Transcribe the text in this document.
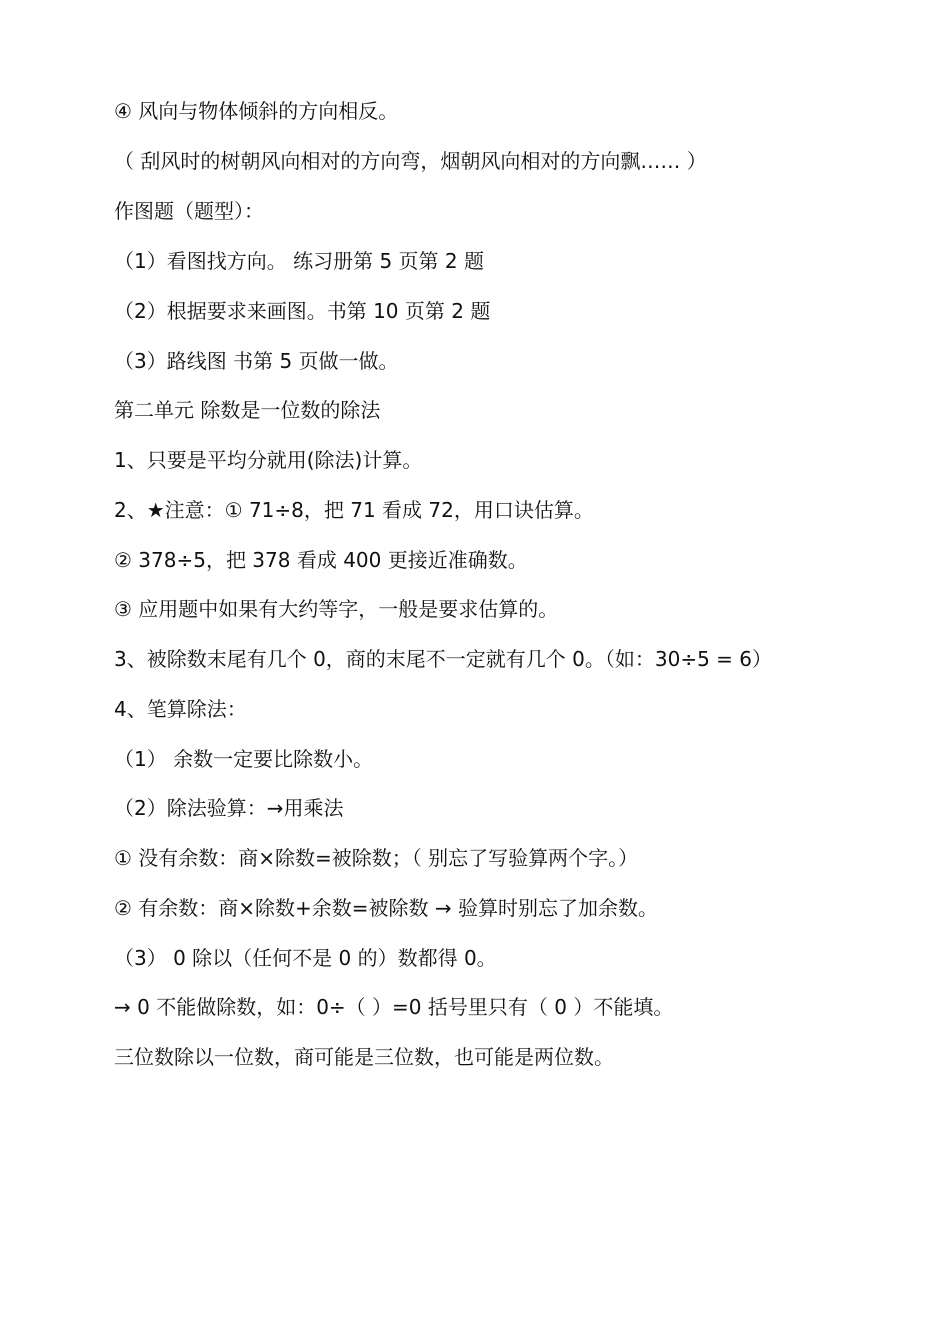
④ 风向与物体倾斜的方向相反。
（ 刮风时的树朝风向相对的方向弯，烟朝风向相对的方向飘…… ）
作图题（题型）：
（1）看图找方向。 练习册第 5 页第 2 题
（2）根据要求来画图。书第 10 页第 2 题
（3）路线图 书第 5 页做一做。
第二单元 除数是一位数的除法
1、只要是平均分就用(除法)计算。
2、★注意：① 71÷8，把 71 看成 72，用口诀估算。
② 378÷5，把 378 看成 400 更接近准确数。
③ 应用题中如果有大约等字，一般是要求估算的。
3、被除数末尾有几个 0，商的末尾不一定就有几个 0。（如：30÷5 = 6）
4、笔算除法：
（1） 余数一定要比除数小。
（2）除法验算：→用乘法
① 没有余数：商×除数=被除数；（ 别忘了写验算两个字。）
② 有余数：商×除数+余数=被除数 → 验算时别忘了加余数。
（3） 0 除以（任何不是 0 的）数都得 0。
→ 0 不能做除数，如：0÷（ ）=0 括号里只有（ 0 ）不能填。
三位数除以一位数，商可能是三位数，也可能是两位数。
